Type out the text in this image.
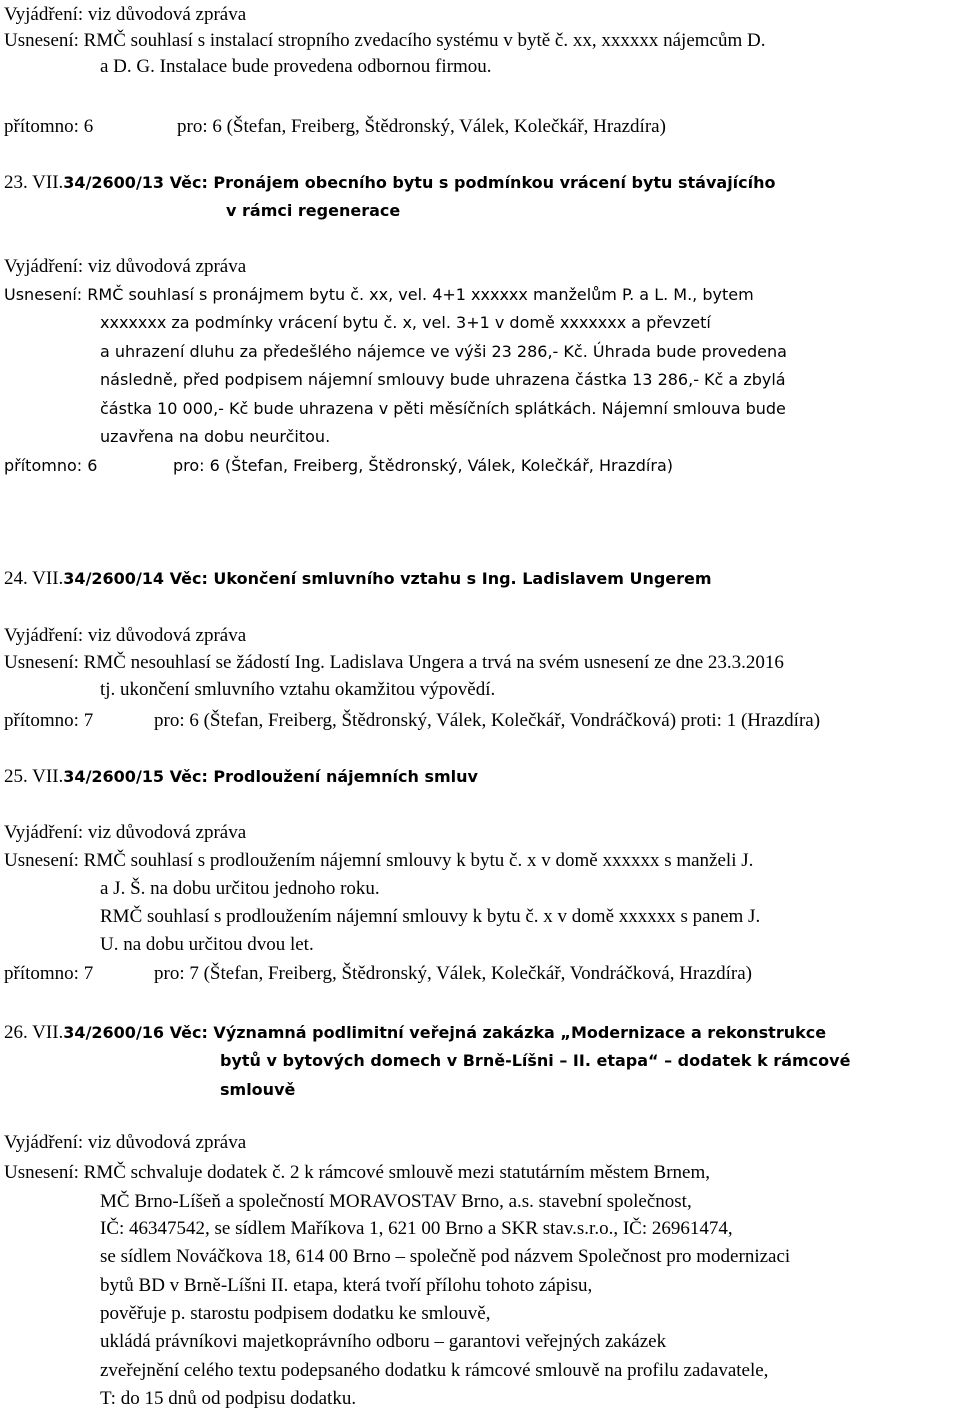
Vyjádření: viz důvodová zpráva
Usnesení: RMČ souhlasí s instalací stropního zvedacího systému v bytě č. xx, xxxxxx nájemcům D.
a D. G. Instalace bude provedena odbornou firmou.
přítomno: 6	pro: 6 (Štefan, Freiberg, Štědronský, Válek, Kolečkář, Hrazdíra)
23. VII.34/2600/13 Věc: Pronájem obecního bytu s podmínkou vrácení bytu stávajícího
v rámci regenerace
Vyjádření: viz důvodová zpráva
Usnesení: RMČ souhlasí s pronájmem bytu č. xx, vel. 4+1 xxxxxx manželům P. a L. M., bytem
xxxxxxx za podmínky vrácení bytu č. x, vel. 3+1 v domě xxxxxxx a převzetí
a uhrazení dluhu za předešlého nájemce ve výši 23 286,- Kč. Úhrada bude provedena
následně, před podpisem nájemní smlouvy bude uhrazena částka 13 286,- Kč a zbylá
částka 10 000,- Kč bude uhrazena v pěti měsíčních splátkách. Nájemní smlouva bude
uzavřena na dobu neurčitou.
přítomno: 6	pro: 6 (Štefan, Freiberg, Štědronský, Válek, Kolečkář, Hrazdíra)
24. VII.34/2600/14 Věc: Ukončení smluvního vztahu s Ing. Ladislavem Ungerem
Vyjádření: viz důvodová zpráva
Usnesení: RMČ nesouhlasí se žádostí Ing. Ladislava Ungera a trvá na svém usnesení ze dne 23.3.2016
tj. ukončení smluvního vztahu okamžitou výpovědí.
přítomno: 7	pro: 6 (Štefan, Freiberg, Štědronský, Válek, Kolečkář, Vondráčková) proti: 1 (Hrazdíra)
25. VII.34/2600/15 Věc: Prodloužení nájemních smluv
Vyjádření: viz důvodová zpráva
Usnesení: RMČ souhlasí s prodloužením nájemní smlouvy k bytu č. x v domě xxxxxx s manželi J.
a J. Š. na dobu určitou jednoho roku.
RMČ souhlasí s prodloužením nájemní smlouvy k bytu č. x v domě xxxxxx s panem J.
U. na dobu určitou dvou let.
přítomno: 7	pro: 7 (Štefan, Freiberg, Štědronský, Válek, Kolečkář, Vondráčková, Hrazdíra)
26. VII.34/2600/16 Věc: Významná podlimitní veřejná zakázka „Modernizace a rekonstrukce
bytů v bytových domech v Brně-Líšni – II. etapa“ – dodatek k rámcové
smlouvě
Vyjádření: viz důvodová zpráva
Usnesení: RMČ schvaluje dodatek č. 2 k rámcové smlouvě mezi statutárním městem Brnem,
MČ Brno-Líšeň a společností MORAVOSTAV Brno, a.s. stavební společnost,
IČ: 46347542, se sídlem Maříkova 1, 621 00 Brno a SKR stav.s.r.o., IČ: 26961474,
se sídlem Nováčkova 18, 614 00 Brno – společně pod názvem Společnost pro modernizaci
bytů BD v Brně-Líšni II. etapa, která tvoří přílohu tohoto zápisu,
pověřuje p. starostu podpisem dodatku ke smlouvě,
ukládá právníkovi majetkoprávního odboru – garantovi veřejných zakázek
zveřejnění celého textu podepsaného dodatku k rámcové smlouvě na profilu zadavatele,
T: do 15 dnů od podpisu dodatku.
